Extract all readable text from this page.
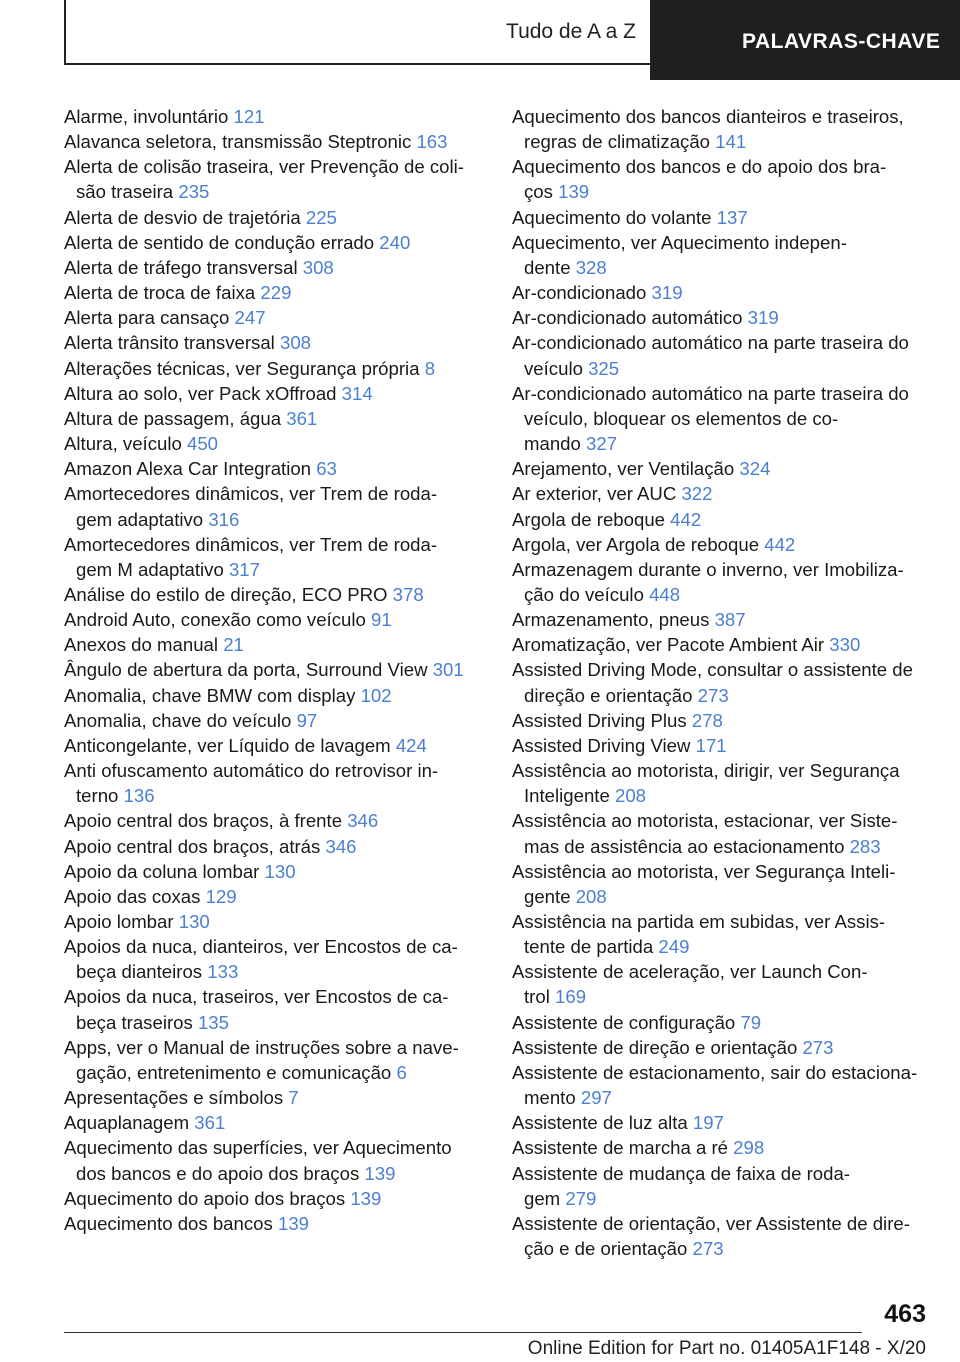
Tudo de A a Z	PALAVRAS-CHAVE
Alarme, involuntário 121
Alavanca seletora, transmissão Steptronic 163
Alerta de colisão traseira, ver Prevenção de coli-
são traseira 235
Alerta de desvio de trajetória 225
Alerta de sentido de condução errado 240
Alerta de tráfego transversal 308
Alerta de troca de faixa 229
Alerta para cansaço 247
Alerta trânsito transversal 308
Alterações técnicas, ver Segurança própria 8
Altura ao solo, ver Pack xOffroad 314
Altura de passagem, água 361
Altura, veículo 450
Amazon Alexa Car Integration 63
Amortecedores dinâmicos, ver Trem de roda-
gem adaptativo 316
Amortecedores dinâmicos, ver Trem de roda-
gem M adaptativo 317
Análise do estilo de direção, ECO PRO 378
Android Auto, conexão como veículo 91
Anexos do manual 21
Ângulo de abertura da porta, Surround View 301
Anomalia, chave BMW com display 102
Anomalia, chave do veículo 97
Anticongelante, ver Líquido de lavagem 424
Anti ofuscamento automático do retrovisor in-
terno 136
Apoio central dos braços, à frente 346
Apoio central dos braços, atrás 346
Apoio da coluna lombar 130
Apoio das coxas 129
Apoio lombar 130
Apoios da nuca, dianteiros, ver Encostos de ca-
beça dianteiros 133
Apoios da nuca, traseiros, ver Encostos de ca-
beça traseiros 135
Apps, ver o Manual de instruções sobre a nave-
gação, entretenimento e comunicação 6
Apresentações e símbolos 7
Aquaplanagem 361
Aquecimento das superfícies, ver Aquecimento
dos bancos e do apoio dos braços 139
Aquecimento do apoio dos braços 139
Aquecimento dos bancos 139
Aquecimento dos bancos dianteiros e traseiros,
regras de climatização 141
Aquecimento dos bancos e do apoio dos bra-
ços 139
Aquecimento do volante 137
Aquecimento, ver Aquecimento indepen-
dente 328
Ar-condicionado 319
Ar-condicionado automático 319
Ar-condicionado automático na parte traseira do
veículo 325
Ar-condicionado automático na parte traseira do
veículo, bloquear os elementos de co-
mando 327
Arejamento, ver Ventilação 324
Ar exterior, ver AUC 322
Argola de reboque 442
Argola, ver Argola de reboque 442
Armazenagem durante o inverno, ver Imobiliza-
ção do veículo 448
Armazenamento, pneus 387
Aromatização, ver Pacote Ambient Air 330
Assisted Driving Mode, consultar o assistente de
direção e orientação 273
Assisted Driving Plus 278
Assisted Driving View 171
Assistência ao motorista, dirigir, ver Segurança
Inteligente 208
Assistência ao motorista, estacionar, ver Siste-
mas de assistência ao estacionamento 283
Assistência ao motorista, ver Segurança Inteli-
gente 208
Assistência na partida em subidas, ver Assis-
tente de partida 249
Assistente de aceleração, ver Launch Con-
trol 169
Assistente de configuração 79
Assistente de direção e orientação 273
Assistente de estacionamento, sair do estaciona-
mento 297
Assistente de luz alta 197
Assistente de marcha a ré 298
Assistente de mudança de faixa de roda-
gem 279
Assistente de orientação, ver Assistente de dire-
ção e de orientação 273
463
Online Edition for Part no. 01405A1F148 - X/20
